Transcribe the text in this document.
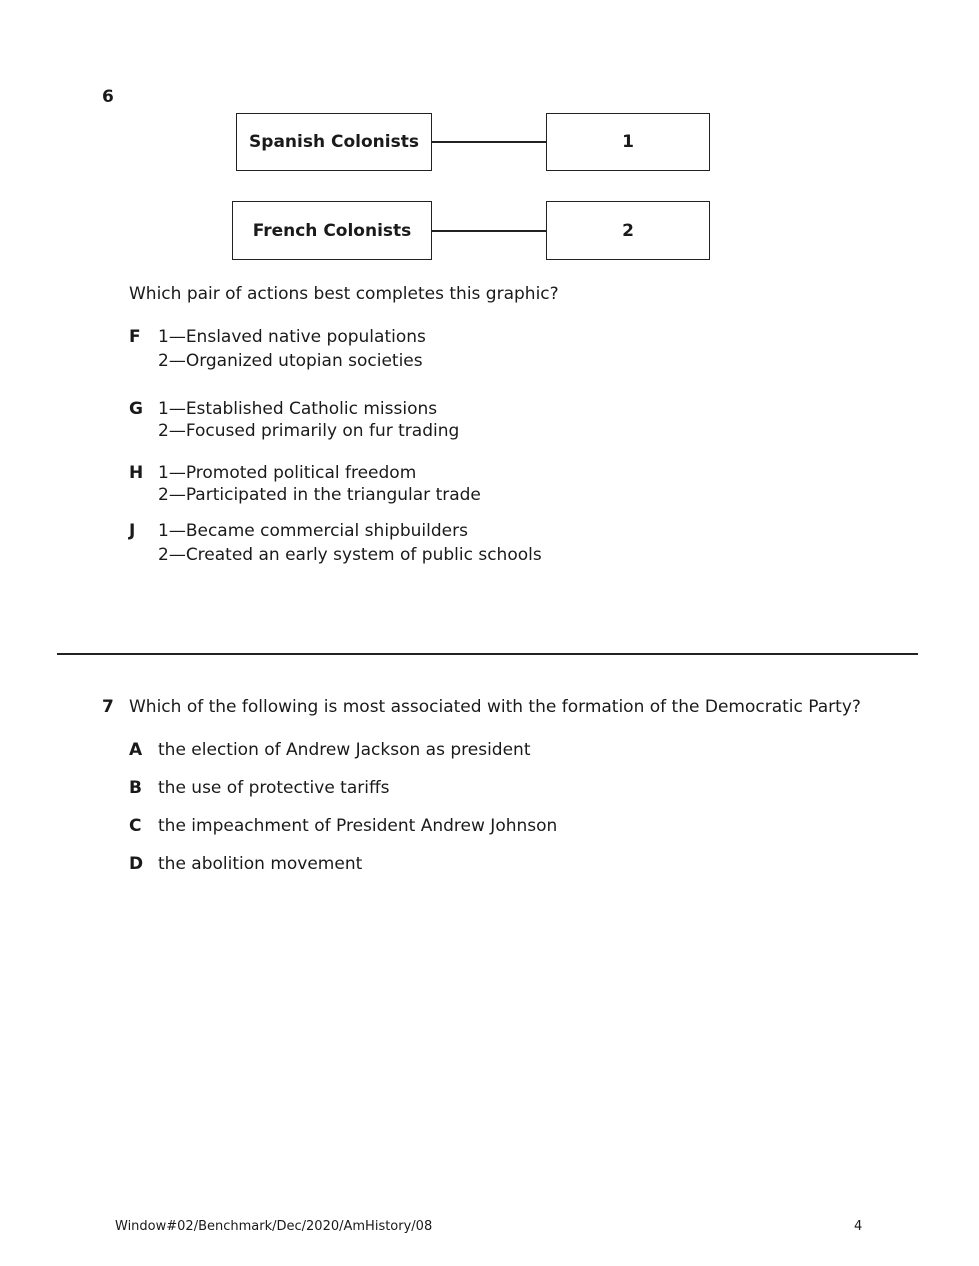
6
Spanish Colonists	1
French Colonists	2
Which pair of actions best completes this graphic?
F 1—Enslaved native populations
2—Organized utopian societies
G 1—Established Catholic missions
2—Focused primarily on fur trading
H 1—Promoted political freedom
2—Participated in the triangular trade
J 1—Became commercial shipbuilders
2—Created an early system of public schools
7 Which of the following is most associated with the formation of the Democratic Party?
A the election of Andrew Jackson as president
B the use of protective tariffs
C the impeachment of President Andrew Johnson
D the abolition movement
Window#02/Benchmark/Dec/2020/AmHistory/08	4
